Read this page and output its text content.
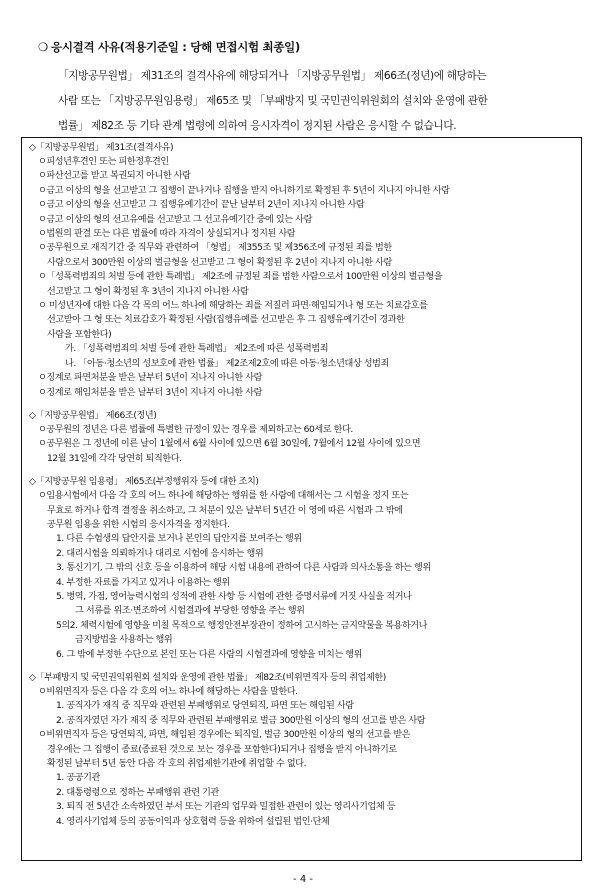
❍ 응시결격 사유(적용기준일 : 당해 면접시험 최종일)

「지방공무원법」 제31조의 결격사유에 해당되거나 「지방공무원법」 제66조(정년)에 해당하는

사람 또는 「지방공무원임용령」 제65조 및 「부패방지 및 국민권익위원회의 설치와 운영에 관한

법률」 제82조 등 기타 관계 법령에 의하여 응시자격이 정지된 사람은 응시할 수 없습니다.

◇「지방공무원법」 제31조(결격사유)
ㅇ피성년후견인 또는 피한정후견인
ㅇ파산선고를 받고 복권되지 아니한 사람
ㅇ금고 이상의 형을 선고받고 그 집행이 끝나거나 집행을 받지 아니하기로 확정된 후 5년이 지나지 아니한 사람
ㅇ금고 이상의 형을 선고받고 그 집행유예기간이 끝난 날부터 2년이 지나지 아니한 사람
ㅇ금고 이상의 형의 선고유예를 선고받고 그 선고유예기간 중에 있는 사람
ㅇ법원의 판결 또는 다른 법률에 따라 자격이 상실되거나 정지된 사람
ㅇ공무원으로 재직기간 중 직무와 관련하여 「형법」 제355조 및 제356조에 규정된 죄를 범한
사람으로서 300만원 이상의 벌금형을 선고받고 그 형이 확정된 후 2년이 지나지 아니한 사람
ㅇ「성폭력범죄의 처벌 등에 관한 특례법」 제2조에 규정된 죄를 범한 사람으로서 100만원 이상의 벌금형을
선고받고 그 형이 확정된 후 3년이 지나지 아니한 사람
ㅇ 미성년자에 대한 다음 각 목의 어느 하나에 해당하는 죄를 저질러 파면·해임되거나 형 또는 치료감호를
선고받아 그 형 또는 치료감호가 확정된 사람(집행유예를 선고받은 후 그 집행유예기간이 경과한
사람을 포함한다)
가. 「성폭력범죄의 처벌 등에 관한 특례법」 제2조에 따른 성폭력범죄
나. 「아동·청소년의 성보호에 관한 법률」 제2조제2호에 따른 아동·청소년대상 성범죄
ㅇ징계로 파면처분을 받은 날부터 5년이 지나지 아니한 사람
ㅇ징계로 해임처분을 받은 날부터 3년이 지나지 아니한 사람
◇「지방공무원법」 제66조(정년)
ㅇ공무원의 정년은 다른 법률에 특별한 규정이 있는 경우를 제외하고는 60세로 한다.
ㅇ공무원은 그 정년에 이른 날이 1월에서 6월 사이에 있으면 6월 30일에, 7월에서 12월 사이에 있으면
12월 31일에 각각 당연히 퇴직한다.
◇「지방공무원 임용령」 제65조(부정행위자 등에 대한 조치)
ㅇ임용시험에서 다음 각 호의 어느 하나에 해당하는 행위를 한 사람에 대해서는 그 시험을 정지 또는
무효로 하거나 합격 결정을 취소하고, 그 처분이 있은 날부터 5년간 이 영에 따른 시험과 그 밖에
공무원 임용을 위한 시험의 응시자격을 정지한다.
1. 다른 수험생의 답안지를 보거나 본인의 답안지를 보여주는 행위
2. 대리시험을 의뢰하거나 대리로 시험에 응시하는 행위
3. 통신기기, 그 밖의 신호 등을 이용하여 해당 시험 내용에 관하여 다른 사람과 의사소통을 하는 행위
4. 부정한 자료를 가지고 있거나 이용하는 행위
5. 병역, 가점, 영어능력시험의 성적에 관한 사항 등 시험에 관한 증명서류에 거짓 사실을 적거나
그 서류를 위조·변조하여 시험결과에 부당한 영향을 주는 행위
5의2. 체력시험에 영향을 미칠 목적으로 행정안전부장관이 정하여 고시하는 금지약물을 복용하거나
금지방법을 사용하는 행위
6. 그 밖에 부정한 수단으로 본인 또는 다른 사람의 시험결과에 영향을 미치는 행위
◇「부패방지 및 국민권익위원회 설치와 운영에 관한 법률」 제82조(비위면직자 등의 취업제한)
ㅇ비위면직자 등은 다음 각 호의 어느 하나에 해당하는 사람을 말한다.
1. 공직자가 재직 중 직무와 관련된 부패행위로 당연퇴직, 파면 또는 해임된 사람
2. 공직자였던 자가 재직 중 직무와 관련된 부패행위로 벌금 300만원 이상의 형의 선고를 받은 사람
ㅇ비위면직자 등은 당연퇴직, 파면, 해임된 경우에는 퇴직일, 벌금 300만원 이상의 형의 선고를 받은
경우에는 그 집행이 종료(종료된 것으로 보는 경우를 포함한다)되거나 집행을 받지 아니하기로
확정된 날부터 5년 동안 다음 각 호의 취업제한기관에 취업할 수 없다.
1. 공공기관
2. 대통령령으로 정하는 부패행위 관련 기관
3. 퇴직 전 5년간 소속하였던 부서 또는 기관의 업무와 밀접한 관련이 있는 영리사기업체 등
4. 영리사기업체 등의 공동이익과 상호협력 등을 위하여 설립된 법인·단체
- 4 -
